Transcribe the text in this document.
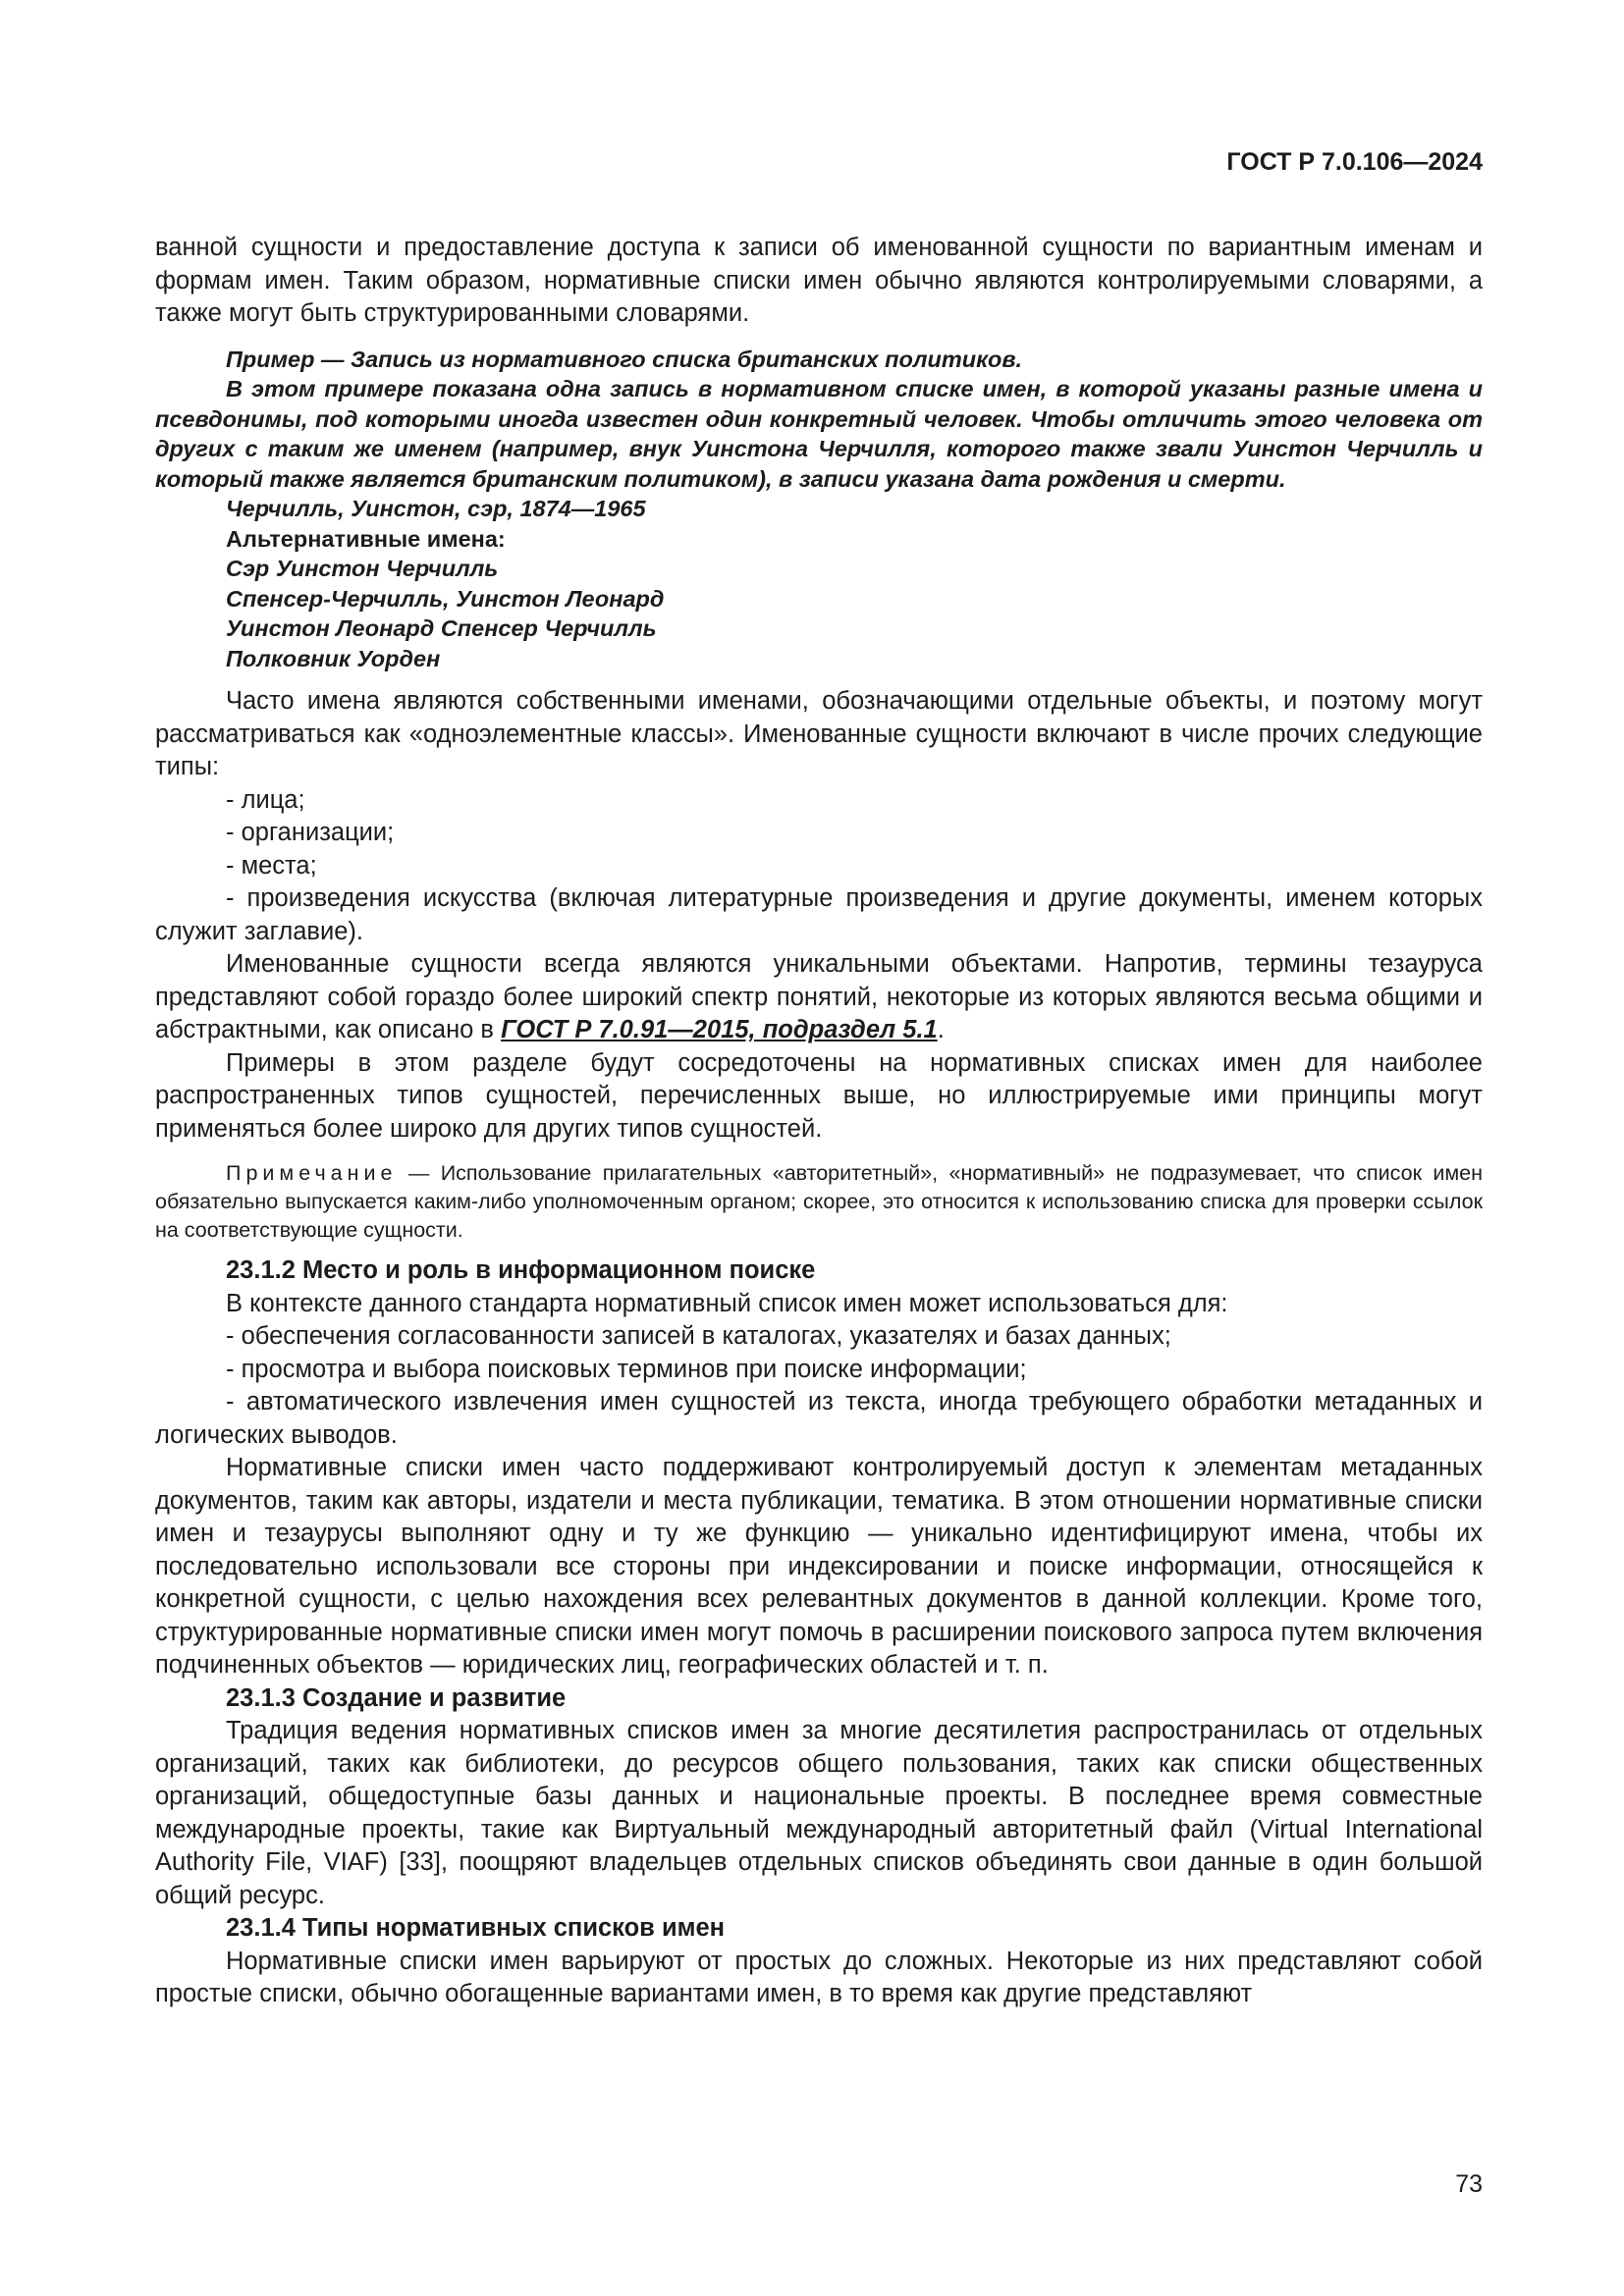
ГОСТ Р 7.0.106—2024

ванной сущности и предоставление доступа к записи об именованной сущности по вариантным именам и формам имен. Таким образом, нормативные списки имен обычно являются контролируемыми словарями, а также могут быть структурированными словарями.

Пример — Запись из нормативного списка британских политиков.

В этом примере показана одна запись в нормативном списке имен, в которой указаны разные имена и псевдонимы, под которыми иногда известен один конкретный человек. Чтобы отличить этого человека от других с таким же именем (например, внук Уинстона Черчилля, которого также звали Уинстон Черчилль и который также является британским политиком), в записи указана дата рождения и смерти.

Черчилль, Уинстон, сэр, 1874—1965
Альтернативные имена:
Сэр Уинстон Черчилль
Спенсер-Черчилль, Уинстон Леонард
Уинстон Леонард Спенсер Черчилль
Полковник Уорден

Часто имена являются собственными именами, обозначающими отдельные объекты, и поэтому могут рассматриваться как «одноэлементные классы». Именованные сущности включают в числе прочих следующие типы:

- лица;

- организации;

- места;

- произведения искусства (включая литературные произведения и другие документы, именем которых служит заглавие).

Именованные сущности всегда являются уникальными объектами. Напротив, термины тезауруса представляют собой гораздо более широкий спектр понятий, некоторые из которых являются весьма общими и абстрактными, как описано в ГОСТ Р 7.0.91—2015, подраздел 5.1.

Примеры в этом разделе будут сосредоточены на нормативных списках имен для наиболее распространенных типов сущностей, перечисленных выше, но иллюстрируемые ими принципы могут применяться более широко для других типов сущностей.

Примечание — Использование прилагательных «авторитетный», «нормативный» не подразумевает, что список имен обязательно выпускается каким-либо уполномоченным органом; скорее, это относится к использованию списка для проверки ссылок на соответствующие сущности.

23.1.2 Место и роль в информационном поиске

В контексте данного стандарта нормативный список имен может использоваться для:

- обеспечения согласованности записей в каталогах, указателях и базах данных;

- просмотра и выбора поисковых терминов при поиске информации;

- автоматического извлечения имен сущностей из текста, иногда требующего обработки метаданных и логических выводов.

Нормативные списки имен часто поддерживают контролируемый доступ к элементам метаданных документов, таким как авторы, издатели и места публикации, тематика. В этом отношении нормативные списки имен и тезаурусы выполняют одну и ту же функцию — уникально идентифицируют имена, чтобы их последовательно использовали все стороны при индексировании и поиске информации, относящейся к конкретной сущности, с целью нахождения всех релевантных документов в данной коллекции. Кроме того, структурированные нормативные списки имен могут помочь в расширении поискового запроса путем включения подчиненных объектов — юридических лиц, географических областей и т. п.

23.1.3 Создание и развитие

Традиция ведения нормативных списков имен за многие десятилетия распространилась от отдельных организаций, таких как библиотеки, до ресурсов общего пользования, таких как списки общественных организаций, общедоступные базы данных и национальные проекты. В последнее время совместные международные проекты, такие как Виртуальный международный авторитетный файл (Virtual International Authority File, VIAF) [33], поощряют владельцев отдельных списков объединять свои данные в один большой общий ресурс.

23.1.4 Типы нормативных списков имен

Нормативные списки имен варьируют от простых до сложных. Некоторые из них представляют собой простые списки, обычно обогащенные вариантами имен, в то время как другие представляют

73
